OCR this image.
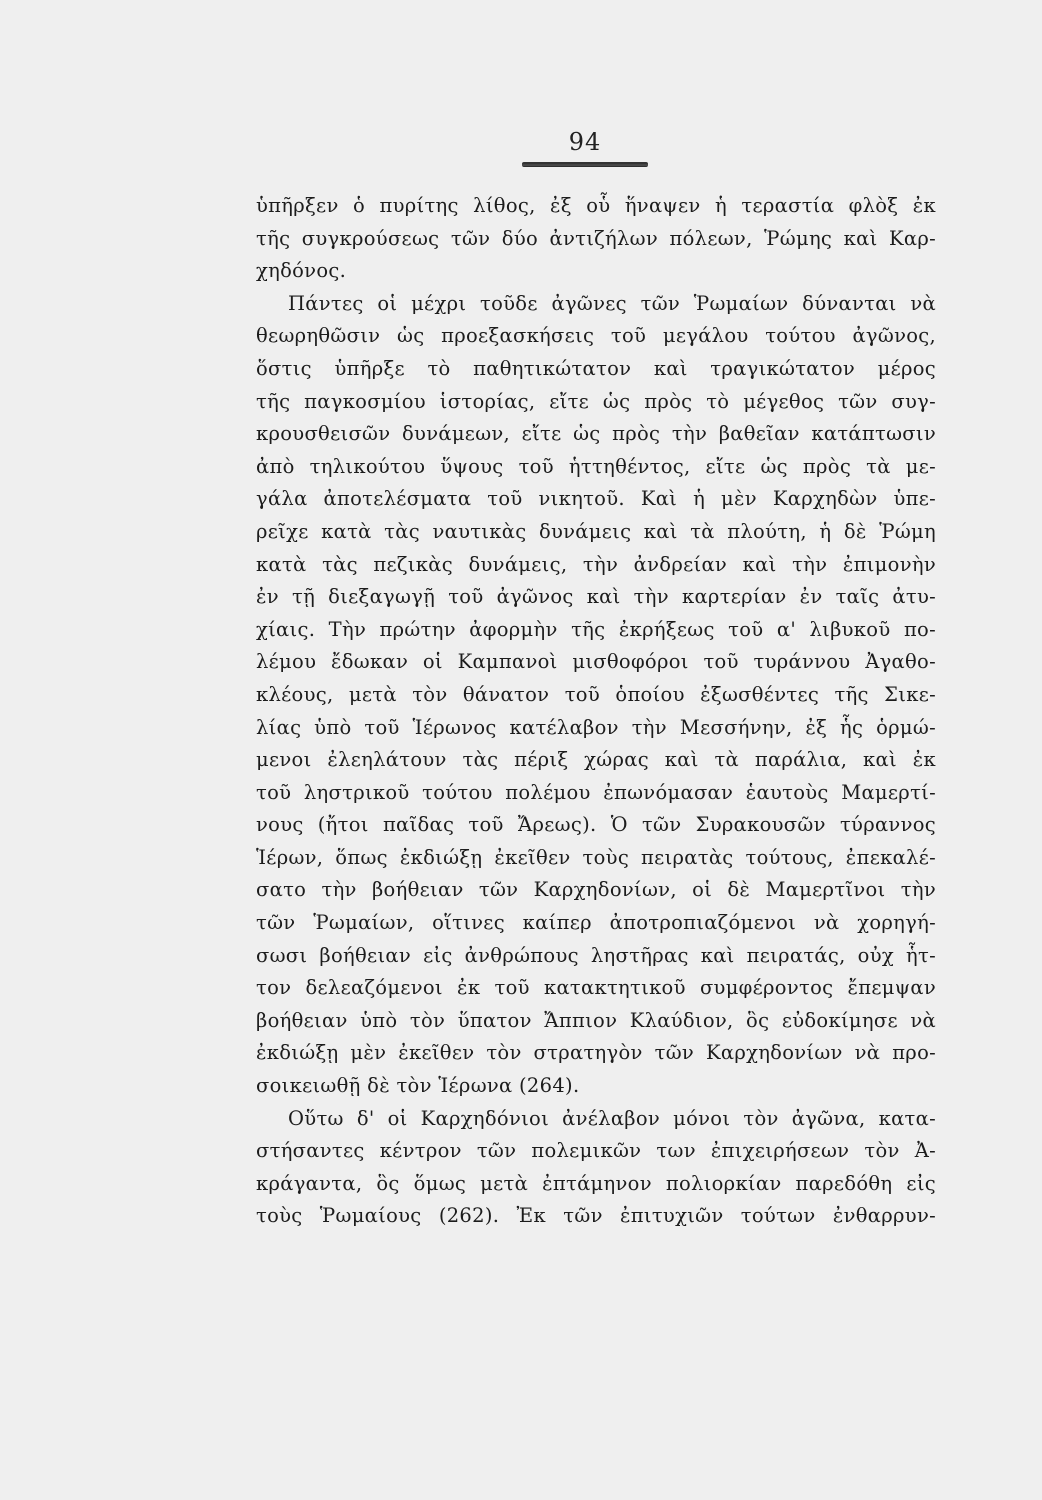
94
ὑπῆρξεν ὁ πυρίτης λίθος, ἐξ οὗ ἥναψεν ἡ τεραστία φλὸξ ἐκ
τῆς συγκρούσεως τῶν δύο ἀντιζήλων πόλεων, Ῥώμης καὶ Καρ-
χηδόνος.
Πάντες οἱ μέχρι τοῦδε ἀγῶνες τῶν Ῥωμαίων δύνανται νὰ
θεωρηθῶσιν ὡς προεξασκήσεις τοῦ μεγάλου τούτου ἀγῶνος,
ὅστις ὑπῆρξε τὸ παθητικώτατον καὶ τραγικώτατον μέρος
τῆς παγκοσμίου ἱστορίας, εἴτε ὡς πρὸς τὸ μέγεθος τῶν συγ-
κρουσθεισῶν δυνάμεων, εἴτε ὡς πρὸς τὴν βαθεῖαν κατάπτωσιν
ἀπὸ τηλικούτου ὕψους τοῦ ἡττηθέντος, εἴτε ὡς πρὸς τὰ με-
γάλα ἀποτελέσματα τοῦ νικητοῦ. Καὶ ἡ μὲν Καρχηδὼν ὑπε-
ρεῖχε κατὰ τὰς ναυτικὰς δυνάμεις καὶ τὰ πλούτη, ἡ δὲ Ῥώμη
κατὰ τὰς πεζικὰς δυνάμεις, τὴν ἀνδρείαν καὶ τὴν ἐπιμονὴν
ἐν τῇ διεξαγωγῇ τοῦ ἀγῶνος καὶ τὴν καρτερίαν ἐν ταῖς ἀτυ-
χίαις. Τὴν πρώτην ἀφορμὴν τῆς ἐκρήξεως τοῦ α' λιβυκοῦ πο-
λέμου ἔδωκαν οἱ Καμπανοὶ μισθοφόροι τοῦ τυράννου Ἀγαθο-
κλέους, μετὰ τὸν θάνατον τοῦ ὁποίου ἐξωσθέντες τῆς Σικε-
λίας ὑπὸ τοῦ Ἱέρωνος κατέλαβον τὴν Μεσσήνην, ἐξ ἧς ὁρμώ-
μενοι ἐλεηλάτουν τὰς πέριξ χώρας καὶ τὰ παράλια, καὶ ἐκ
τοῦ ληστρικοῦ τούτου πολέμου ἐπωνόμασαν ἑαυτοὺς Μαμερτί-
νους (ἤτοι παῖδας τοῦ Ἄρεως). Ὁ τῶν Συρακουσῶν τύραννος
Ἱέρων, ὅπως ἐκδιώξῃ ἐκεῖθεν τοὺς πειρατὰς τούτους, ἐπεκαλέ-
σατο τὴν βοήθειαν τῶν Καρχηδονίων, οἱ δὲ Μαμερτῖνοι τὴν
τῶν Ῥωμαίων, οἵτινες καίπερ ἀποτροπιαζόμενοι νὰ χορηγή-
σωσι βοήθειαν εἰς ἀνθρώπους ληστῆρας καὶ πειρατάς, οὐχ ἧτ-
τον δελεαζόμενοι ἐκ τοῦ κατακτητικοῦ συμφέροντος ἔπεμψαν
βοήθειαν ὑπὸ τὸν ὕπατον Ἄππιον Κλαύδιον, ὃς εὐδοκίμησε νὰ
ἐκδιώξῃ μὲν ἐκεῖθεν τὸν στρατηγὸν τῶν Καρχηδονίων νὰ προ-
σοικειωθῇ δὲ τὸν Ἱέρωνα (264).
Οὕτω δ' οἱ Καρχηδόνιοι ἀνέλαβον μόνοι τὸν ἀγῶνα, κατα-
στήσαντες κέντρον τῶν πολεμικῶν των ἐπιχειρήσεων τὸν Ἀ-
κράγαντα, ὃς ὅμως μετὰ ἐπτάμηνον πολιορκίαν παρεδόθη εἰς
τοὺς Ῥωμαίους (262). Ἐκ τῶν ἐπιτυχιῶν τούτων ἐνθαρρυν-
